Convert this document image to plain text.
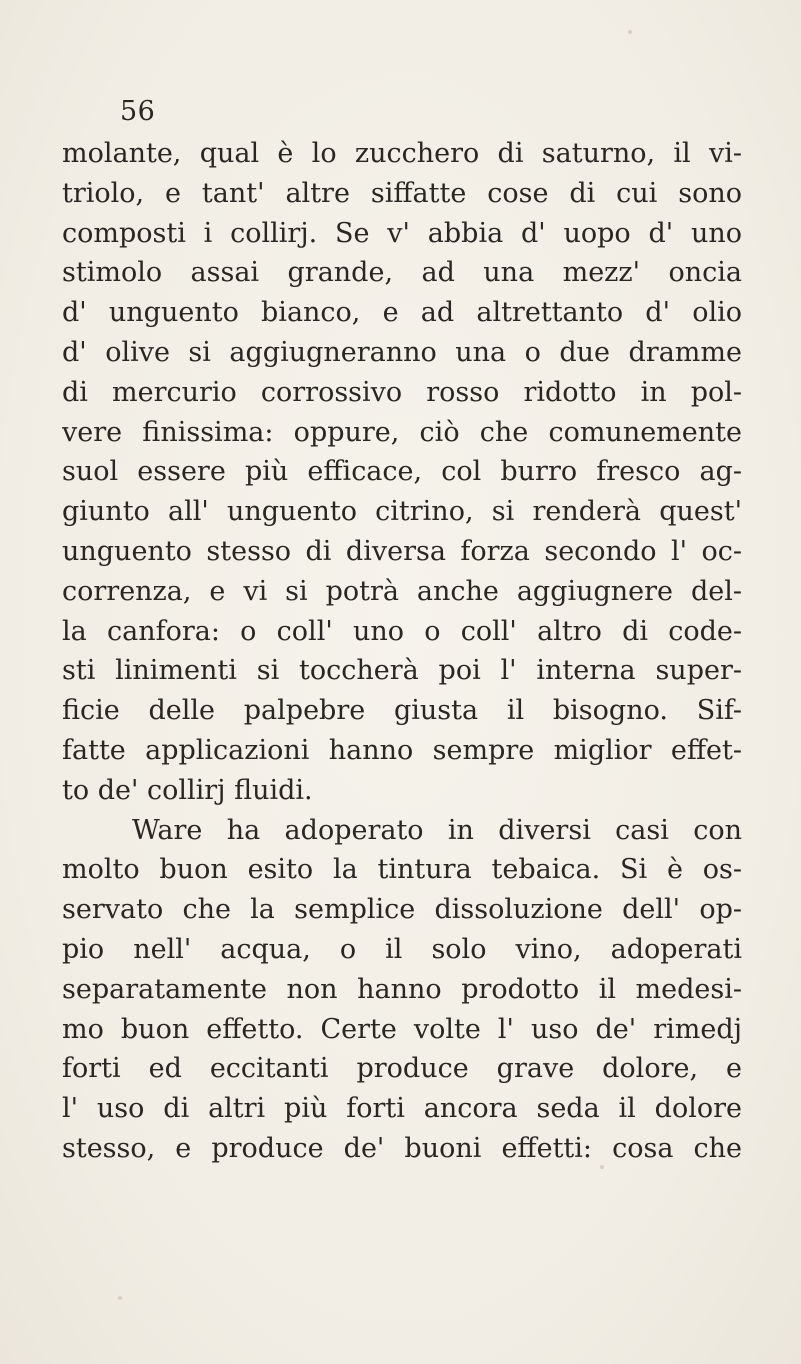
56
molante, qual è lo zucchero di saturno, il vi-
triolo, e tant' altre siffatte cose di cui sono
composti i collirj. Se v' abbia d' uopo d' uno
stimolo assai grande, ad una mezz' oncia
d' unguento bianco, e ad altrettanto d' olio
d' olive si aggiugneranno una o due dramme
di mercurio corrossivo rosso ridotto in pol-
vere finissima: oppure, ciò che comunemente
suol essere più efficace, col burro fresco ag-
giunto all' unguento citrino, si renderà quest'
unguento stesso di diversa forza secondo l' oc-
correnza, e vi si potrà anche aggiugnere del-
la canfora: o coll' uno o coll' altro di code-
sti linimenti si toccherà poi l' interna super-
ficie delle palpebre giusta il bisogno. Sif-
fatte applicazioni hanno sempre miglior effet-
to de' collirj fluidi.
Ware ha adoperato in diversi casi con
molto buon esito la tintura tebaica. Si è os-
servato che la semplice dissoluzione dell' op-
pio nell' acqua, o il solo vino, adoperati
separatamente non hanno prodotto il medesi-
mo buon effetto. Certe volte l' uso de' rimedj
forti ed eccitanti produce grave dolore, e
l' uso di altri più forti ancora seda il dolore
stesso, e produce de' buoni effetti: cosa che
